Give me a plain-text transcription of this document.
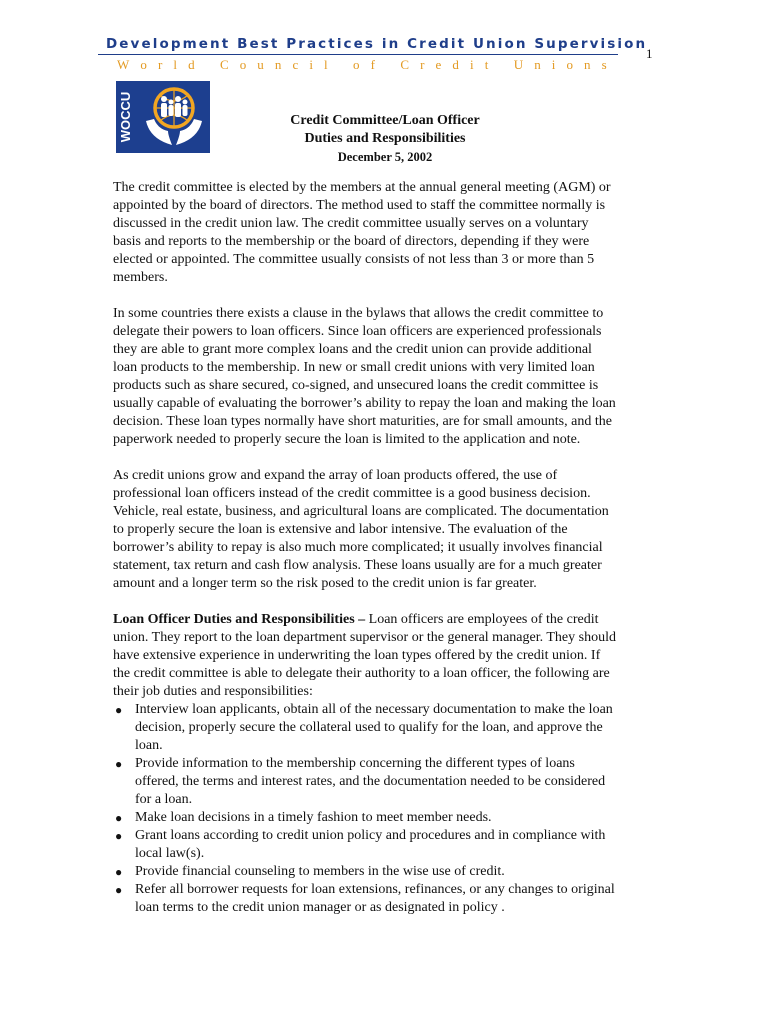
Development Best Practices in Credit Union Supervision
W o r l d
C o u n c i l
o f
C r e d i t
U n i o n s
1
WOCCU	Credit Committee/Loan Officer
Duties and Responsibilities
December 5, 2002

The credit committee is elected by the members at the annual general meeting (AGM) or appointed by the board of directors. The method used to staff the committee normally is discussed in the credit union law. The credit committee usually serves on a voluntary basis and reports to the membership or the board of directors, depending if they were elected or appointed. The committee usually consists of not less than 3 or more than 5 members.

In some countries there exists a clause in the bylaws that allows the credit committee to delegate their powers to loan officers. Since loan officers are experienced professionals they are able to grant more complex loans and the credit union can provide additional loan products to the membership. In new or small credit unions with very limited loan products such as share secured, co-signed, and unsecured loans the credit committee is usually capable of evaluating the borrower’s ability to repay the loan and making the loan decision. These loan types normally have short maturities, are for small amounts, and the paperwork needed to properly secure the loan is limited to the application and note.

As credit unions grow and expand the array of loan products offered, the use of professional loan officers instead of the credit committee is a good business decision. Vehicle, real estate, business, and agricultural loans are complicated. The documentation to properly secure the loan is extensive and labor intensive. The evaluation of the borrower’s ability to repay is also much more complicated; it usually involves financial statement, tax return and cash flow analysis. These loans usually are for a much greater amount and a longer term so the risk posed to the credit union is far greater.

Loan Officer Duties and Responsibilities – Loan officers are employees of the credit union. They report to the loan department supervisor or the general manager. They should have extensive experience in underwriting the loan types offered by the credit union. If the credit committee is able to delegate their authority to a loan officer, the following are their job duties and responsibilities:

● Interview loan applicants, obtain all of the necessary documentation to make the loan decision, properly secure the collateral used to qualify for the loan, and approve the loan.
● Provide information to the membership concerning the different types of loans offered, the terms and interest rates, and the documentation needed to be considered for a loan.
● Make loan decisions in a timely fashion to meet member needs.
● Grant loans according to credit union policy and procedures and in compliance with local law(s).
● Provide financial counseling to members in the wise use of credit.
● Refer all borrower requests for loan extensions, refinances, or any changes to original loan terms to the credit union manager or as designated in policy .
